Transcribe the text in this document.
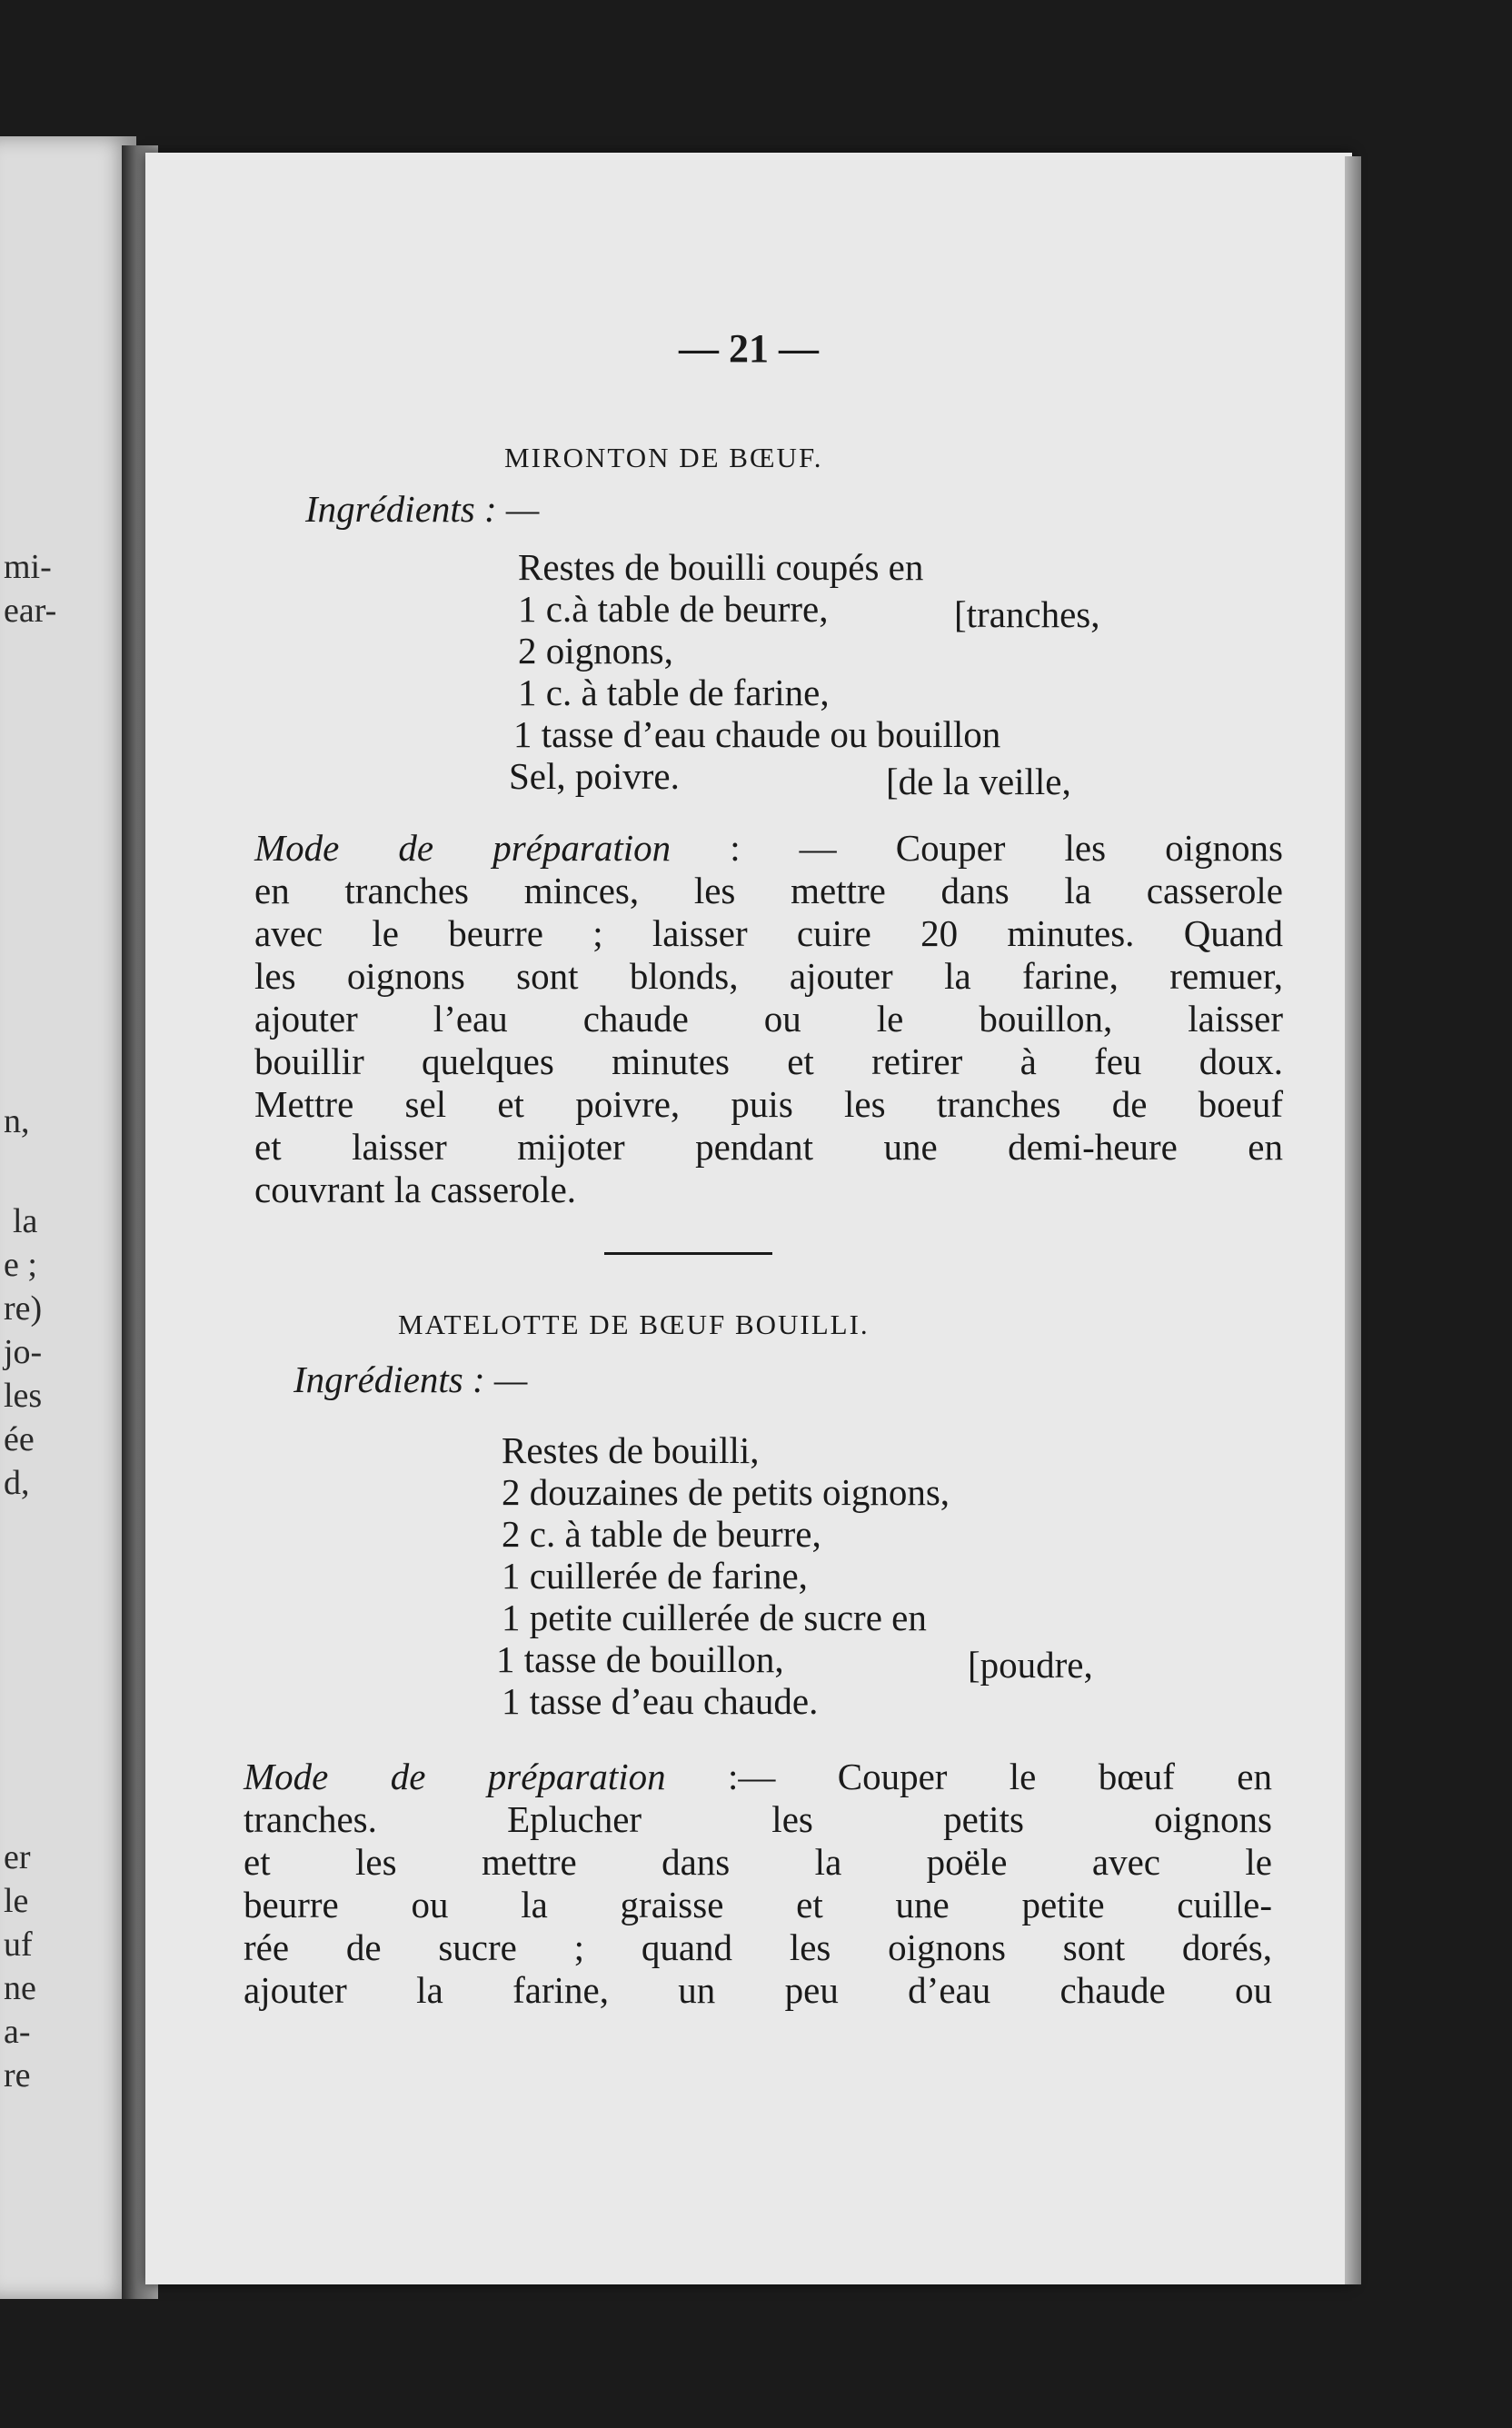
mi-
ear-
n,
la
e ;
re)
jo-
les
ée
d,
er
le
uf
ne
a-
re
— 21 —
MIRONTON DE BŒUF.
Ingrédients : —
Restes de bouilli coupés en
1 c.à table de beurre,	[tranches,
2 oignons,
1 c. à table de farine,
1 tasse d’eau chaude ou bouillon
Sel, poivre.	[de la veille,
Mode de préparation : — Couper les oignons
en tranches minces, les mettre dans la casserole
avec le beurre ; laisser cuire 20 minutes. Quand
les oignons sont blonds, ajouter la farine, remuer,
ajouter l’eau chaude ou le bouillon, laisser
bouillir quelques minutes et retirer à feu doux.
Mettre sel et poivre, puis les tranches de boeuf
et laisser mijoter pendant une demi-heure en
couvrant la casserole.
MATELOTTE DE BŒUF BOUILLI.
Ingrédients : —
Restes de bouilli,
2 douzaines de petits oignons,
2 c. à table de beurre,
1 cuillerée de farine,
1 petite cuillerée de sucre en
1 tasse de bouillon,	[poudre,
1 tasse d’eau chaude.
Mode de préparation :— Couper le bœuf en
tranches. Eplucher les petits oignons
et les mettre dans la poële avec le
beurre ou la graisse et une petite cuille-
rée de sucre ; quand les oignons sont dorés,
ajouter la farine, un peu d’eau chaude ou
